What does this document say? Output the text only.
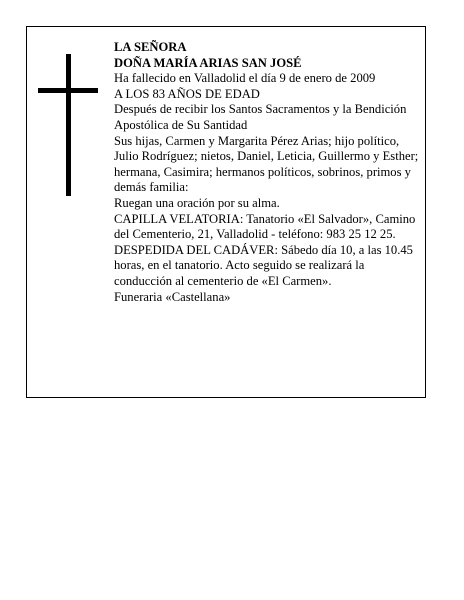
LA SEÑORA

DOÑA MARÍA ARIAS SAN JOSÉ

Ha fallecido en Valladolid el día 9 de enero de 2009

A LOS 83 AÑOS DE EDAD

Después de recibir los Santos Sacramentos y la Bendición Apostólica de Su Santidad

Sus hijas, Carmen y Margarita Pérez Arias; hijo político, Julio Rodríguez; nietos, Daniel, Leticia, Guillermo y Esther; hermana, Casimira; hermanos políticos, sobrinos, primos y demás familia:

Ruegan una oración por su alma.

CAPILLA VELATORIA: Tanatorio «El Salvador», Camino del Cementerio, 21, Valladolid - teléfono: 983 25 12 25.

DESPEDIDA DEL CADÁVER: Sábedo día 10, a las 10.45 horas, en el tanatorio. Acto seguido se realizará la conducción al cementerio de «El Carmen».

Funeraria «Castellana»
